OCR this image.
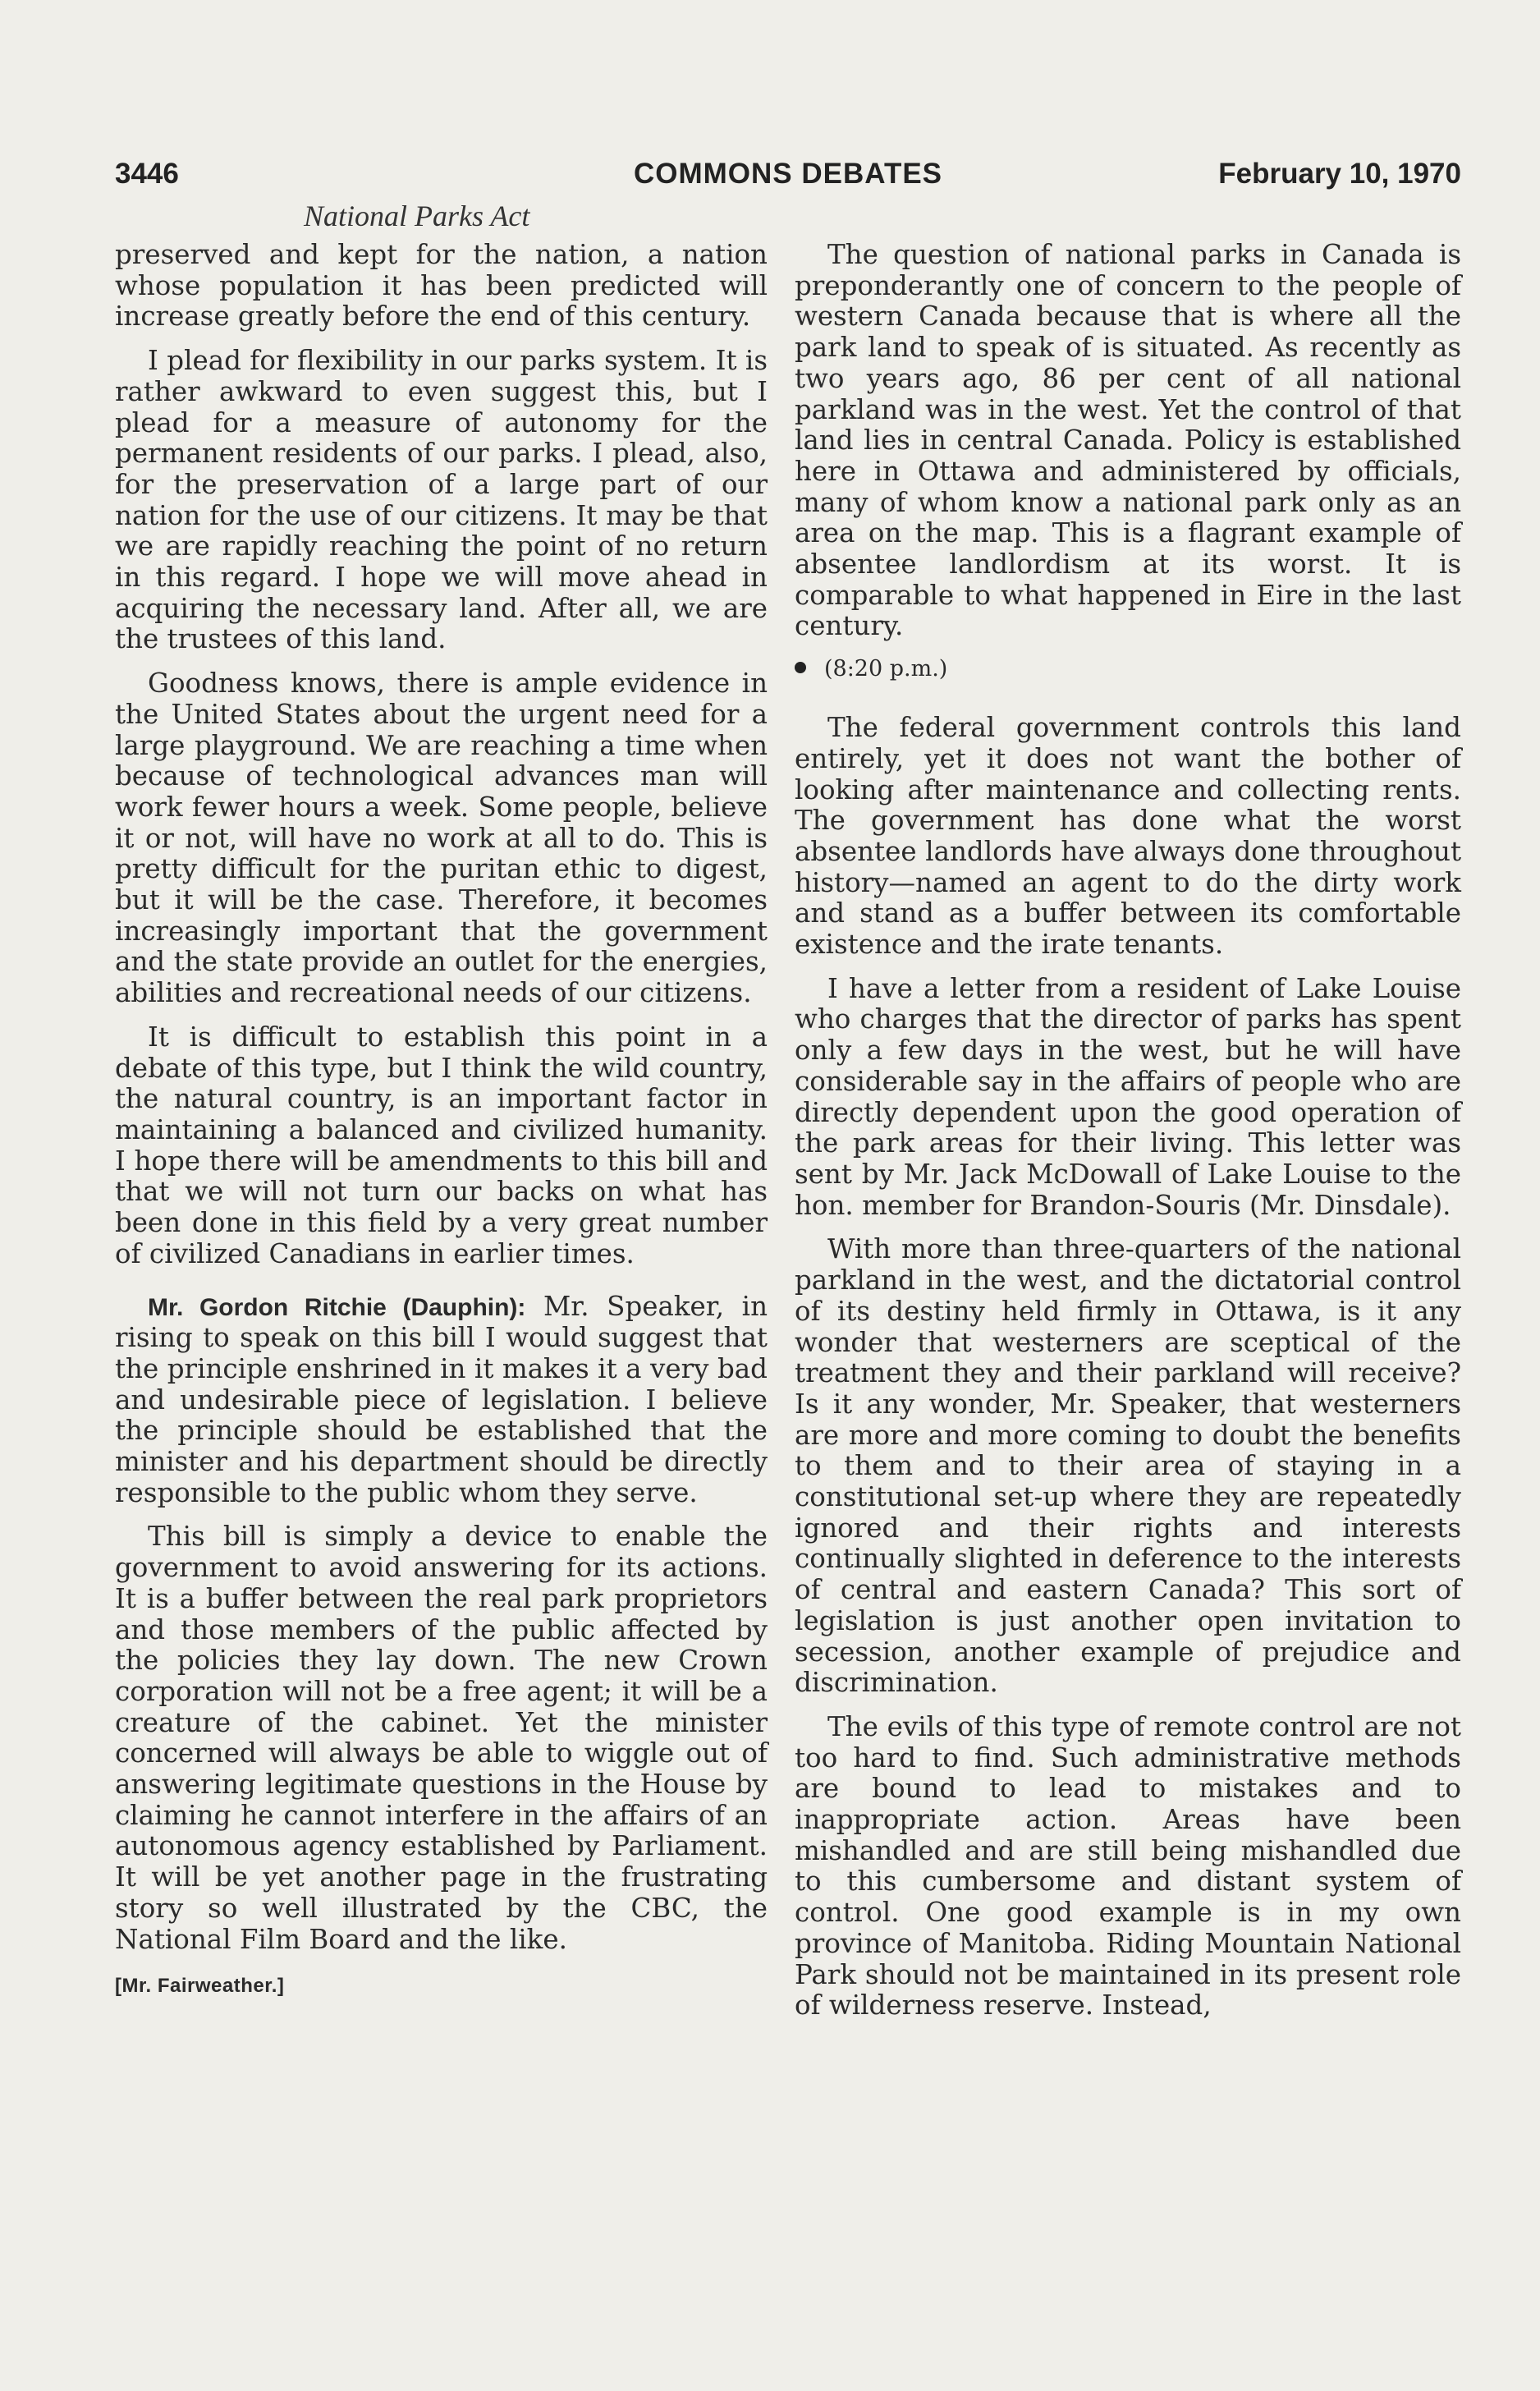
3446	COMMONS DEBATES	February 10, 1970
National Parks Act

preserved and kept for the nation, a nation whose population it has been predicted will increase greatly before the end of this century.

I plead for flexibility in our parks system. It is rather awkward to even suggest this, but I plead for a measure of autonomy for the permanent residents of our parks. I plead, also, for the preservation of a large part of our nation for the use of our citizens. It may be that we are rapidly reaching the point of no return in this regard. I hope we will move ahead in acquiring the necessary land. After all, we are the trustees of this land.

Goodness knows, there is ample evidence in the United States about the urgent need for a large playground. We are reaching a time when because of technological advances man will work fewer hours a week. Some people, believe it or not, will have no work at all to do. This is pretty difficult for the puritan ethic to digest, but it will be the case. Therefore, it becomes increasingly important that the government and the state provide an outlet for the energies, abilities and recreational needs of our citizens.

It is difficult to establish this point in a debate of this type, but I think the wild country, the natural country, is an important factor in maintaining a balanced and civilized humanity. I hope there will be amendments to this bill and that we will not turn our backs on what has been done in this field by a very great number of civilized Canadians in earlier times.

Mr. Gordon Ritchie (Dauphin): Mr. Speaker, in rising to speak on this bill I would suggest that the principle enshrined in it makes it a very bad and undesirable piece of legislation. I believe the principle should be established that the minister and his department should be directly responsible to the public whom they serve.

This bill is simply a device to enable the government to avoid answering for its actions. It is a buffer between the real park proprietors and those members of the public affected by the policies they lay down. The new Crown corporation will not be a free agent; it will be a creature of the cabinet. Yet the minister concerned will always be able to wiggle out of answering legitimate questions in the House by claiming he cannot interfere in the affairs of an autonomous agency established by Parliament. It will be yet another page in the frustrating story so well illustrated by the CBC, the National Film Board and the like.

[Mr. Fairweather.]

The question of national parks in Canada is preponderantly one of concern to the people of western Canada because that is where all the park land to speak of is situated. As recently as two years ago, 86 per cent of all national parkland was in the west. Yet the control of that land lies in central Canada. Policy is established here in Ottawa and administered by officials, many of whom know a national park only as an area on the map. This is a flagrant example of absentee landlordism at its worst. It is comparable to what happened in Eire in the last century.

(8:20 p.m.)

The federal government controls this land entirely, yet it does not want the bother of looking after maintenance and collecting rents. The government has done what the worst absentee landlords have always done throughout history—named an agent to do the dirty work and stand as a buffer between its comfortable existence and the irate tenants.

I have a letter from a resident of Lake Louise who charges that the director of parks has spent only a few days in the west, but he will have considerable say in the affairs of people who are directly dependent upon the good operation of the park areas for their living. This letter was sent by Mr. Jack McDowall of Lake Louise to the hon. member for Brandon-Souris (Mr. Dinsdale).

With more than three-quarters of the national parkland in the west, and the dictatorial control of its destiny held firmly in Ottawa, is it any wonder that westerners are sceptical of the treatment they and their parkland will receive? Is it any wonder, Mr. Speaker, that westerners are more and more coming to doubt the benefits to them and to their area of staying in a constitutional set-up where they are repeatedly ignored and their rights and interests continually slighted in deference to the interests of central and eastern Canada? This sort of legislation is just another open invitation to secession, another example of prejudice and discrimination.

The evils of this type of remote control are not too hard to find. Such administrative methods are bound to lead to mistakes and to inappropriate action. Areas have been mishandled and are still being mishandled due to this cumbersome and distant system of control. One good example is in my own province of Manitoba. Riding Mountain National Park should not be maintained in its present role of wilderness reserve. Instead,
